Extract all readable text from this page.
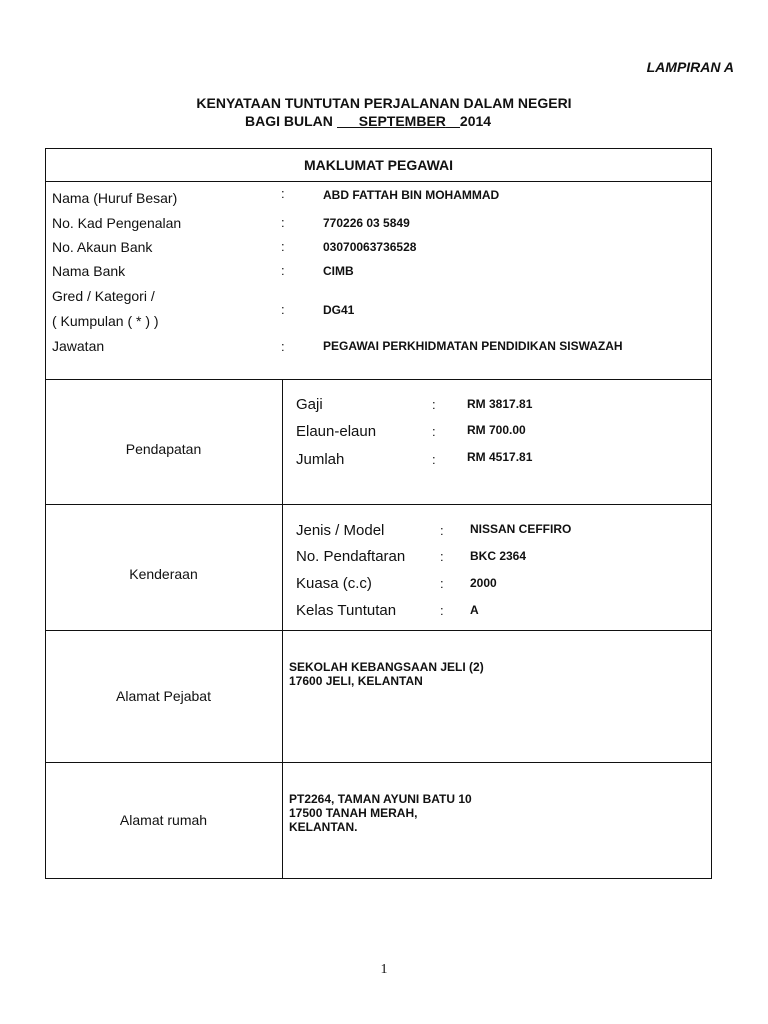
LAMPIRAN A
KENYATAAN TUNTUTAN PERJALANAN DALAM NEGERI
BAGI BULAN SEPTEMBER 2014
MAKLUMAT PEGAWAI
Nama (Huruf Besar)	:	ABD FATTAH BIN MOHAMMAD
No. Kad Pengenalan	:	770226 03 5849
No. Akaun Bank	:	03070063736528
Nama Bank	:	CIMB
Gred / Kategori /
( Kumpulan ( * ) )
:	DG41
Jawatan	:	PEGAWAI PERKHIDMATAN PENDIDIKAN SISWAZAH
Pendapatan
Gaji	:	RM 3817.81
Elaun-elaun	:	RM 700.00
Jumlah	:	RM 4517.81
Kenderaan
Jenis / Model	: NISSAN CEFFIRO
No. Pendaftaran	: BKC 2364
Kuasa (c.c)	: 2000
Kelas Tuntutan	: A
Alamat Pejabat
SEKOLAH KEBANGSAAN JELI (2)
17600 JELI, KELANTAN
Alamat rumah
PT2264, TAMAN AYUNI BATU 10
17500 TANAH MERAH,
KELANTAN.
1
